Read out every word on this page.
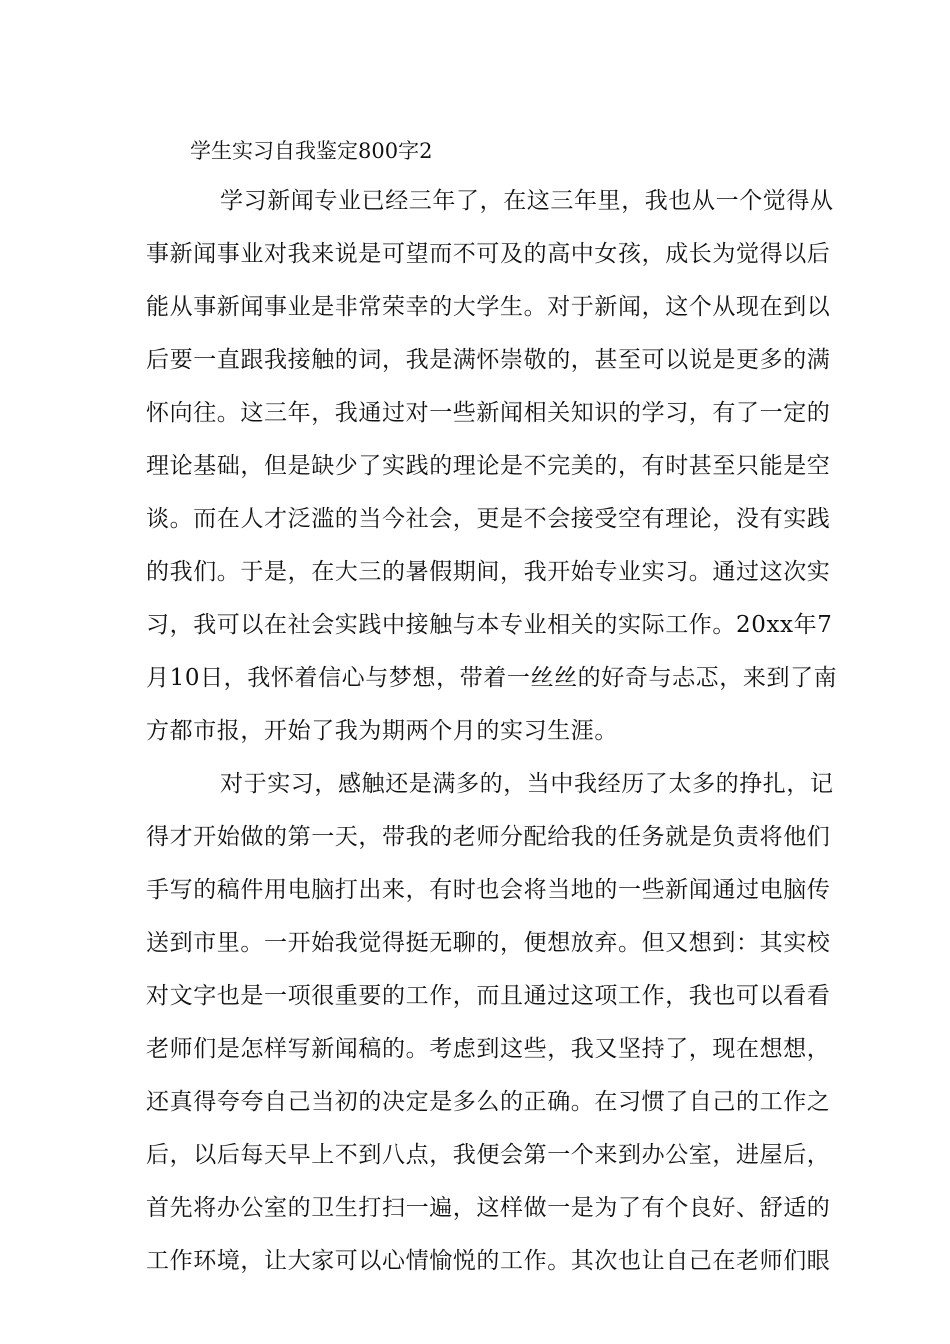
学生实习自我鉴定800字2
学习新闻专业已经三年了，在这三年里，我也从一个觉得从
事新闻事业对我来说是可望而不可及的高中女孩，成长为觉得以后
能从事新闻事业是非常荣幸的大学生。对于新闻，这个从现在到以
后要一直跟我接触的词，我是满怀崇敬的，甚至可以说是更多的满
怀向往。这三年，我通过对一些新闻相关知识的学习，有了一定的
理论基础，但是缺少了实践的理论是不完美的，有时甚至只能是空
谈。而在人才泛滥的当今社会，更是不会接受空有理论，没有实践
的我们。于是，在大三的暑假期间，我开始专业实习。通过这次实
习，我可以在社会实践中接触与本专业相关的实际工作。20xx年7
月10日，我怀着信心与梦想，带着一丝丝的好奇与忐忑，来到了南
方都市报，开始了我为期两个月的实习生涯。
对于实习，感触还是满多的，当中我经历了太多的挣扎，记
得才开始做的第一天，带我的老师分配给我的任务就是负责将他们
手写的稿件用电脑打出来，有时也会将当地的一些新闻通过电脑传
送到市里。一开始我觉得挺无聊的，便想放弃。但又想到：其实校
对文字也是一项很重要的工作，而且通过这项工作，我也可以看看
老师们是怎样写新闻稿的。考虑到这些，我又坚持了，现在想想，
还真得夸夸自己当初的决定是多么的正确。在习惯了自己的工作之
后，以后每天早上不到八点，我便会第一个来到办公室，进屋后，
首先将办公室的卫生打扫一遍，这样做一是为了有个良好、舒适的
工作环境，让大家可以心情愉悦的工作。其次也让自己在老师们眼
